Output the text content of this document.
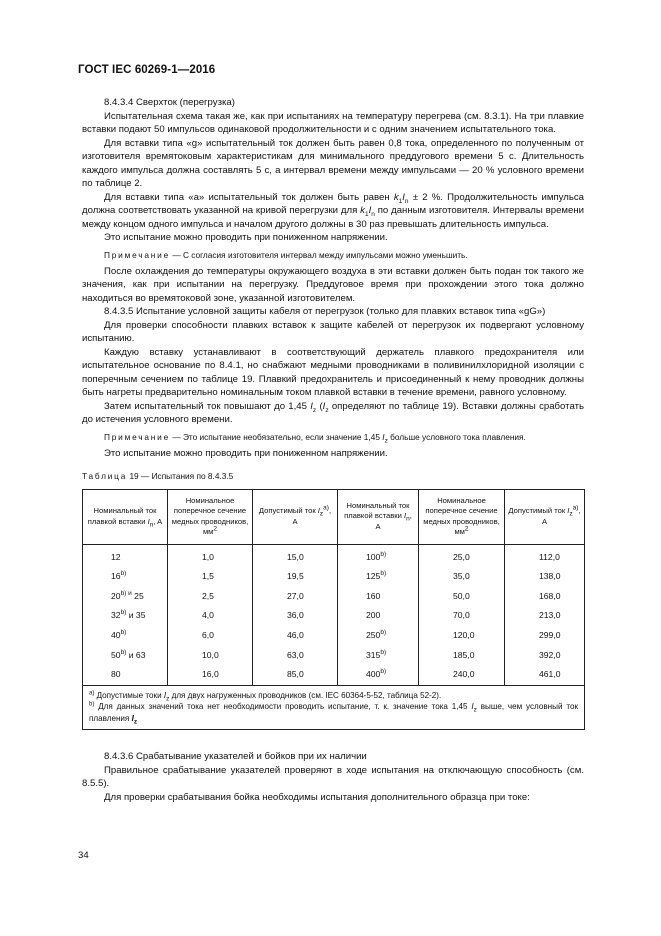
ГОСТ IEC 60269-1—2016

8.4.3.4 Сверхток (перегрузка)

Испытательная схема такая же, как при испытаниях на температуру перегрева (см. 8.3.1). На три плавкие вставки подают 50 импульсов одинаковой продолжительности и с одним значением испытательного тока.

Для вставки типа «g» испытательный ток должен быть равен 0,8 тока, определенного по полученным от изготовителя времятоковым характеристикам для минимального преддугового времени 5 с. Длительность каждого импульса должна составлять 5 с, а интервал времени между импульсами — 20 % условного времени по таблице 2.

Для вставки типа «a» испытательный ток должен быть равен $k_1I_n \pm 2$ %. Продолжительность импульса должна соответствовать указанной на кривой перегрузки для $k_1I_n$ по данным изготовителя. Интервалы времени между концом одного импульса и началом другого должны в 30 раз превышать длительность импульса.

Это испытание можно проводить при пониженном напряжении.

Примечание — С согласия изготовителя интервал между импульсами можно уменьшить.

После охлаждения до температуры окружающего воздуха в эти вставки должен быть подан ток такого же значения, как при испытании на перегрузку. Преддуговое время при прохождении этого тока должно находиться во времятоковой зоне, указанной изготовителем.

8.4.3.5 Испытание условной защиты кабеля от перегрузок (только для плавких вставок типа «gG»)

Для проверки способности плавких вставок к защите кабелей от перегрузок их подвергают условному испытанию.

Каждую вставку устанавливают в соответствующий держатель плавкого предохранителя или испытательное основание по 8.4.1, но снабжают медными проводниками в поливинилхлоридной изоляции с поперечным сечением по таблице 19. Плавкий предохранитель и присоединенный к нему проводник должны быть нагреты предварительно номинальным током плавкой вставки в течение времени, равного условному.

Затем испытательный ток повышают до 1,45 $I_z$ ($I_z$ определяют по таблице 19). Вставки должны сработать до истечения условного времени.

Примечание — Это испытание необязательно, если значение 1,45 $I_z$ больше условного тока плавления.

Это испытание можно проводить при пониженном напряжении.

Таблица 19 — Испытания по 8.4.3.5

Номинальный ток плавкой вставки $I_n$, A	Номинальное поперечное сечение медных проводников, $мм^2$	Допустимый ток $I_z^{a)}$, A	Номинальный ток плавкой вставки $I_n$, A	Номинальное поперечное сечение медных проводников, $мм^2$	Допустимый ток $I_z^{a)}$, A
12	1,0	15,0	100$^{b)}$	25,0	112,0
16$^{b)}$	1,5	19,5	125$^{b)}$	35,0	138,0
$20^{b) и}$ 25	2,5	27,0	160	50,0	168,0
32$^{b)}$ и 35	4,0	36,0	200	70,0	213,0
40$^{b)}$	6,0	46,0	250$^{b)}$	120,0	299,0
50$^{b)}$ и 63	10,0	63,0	315$^{b)}$	185,0	392,0
80	16,0	85,0	400$^{b)}$	240,0	461,0

$^{a)}$ Допустимые токи $I_z$ для двух нагруженных проводников (см. IEC 60364-5-52, таблица 52-2).
$^{b)}$ Для данных значений тока нет необходимости проводить испытание, т. к. значение тока 1,45 $I_z$ выше, чем условный ток плавления $I_z$

8.4.3.6 Срабатывание указателей и бойков при их наличии

Правильное срабатывание указателей проверяют в ходе испытания на отключающую способность (см. 8.5.5).

Для проверки срабатывания бойка необходимы испытания дополнительного образца при токе:

34
